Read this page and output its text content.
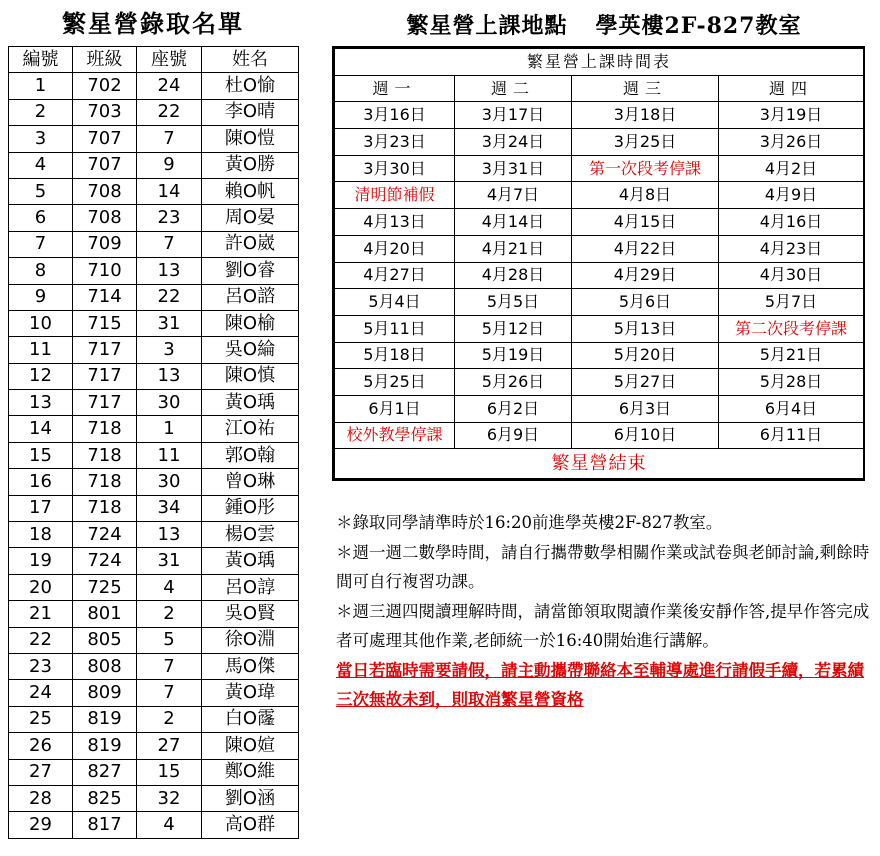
繁星營錄取名單
編號	班級	座號	姓名
1	702	24	杜O愉
2	703	22	李O晴
3	707	7	陳O愷
4	707	9	黃O勝
5	708	14	賴O帆
6	708	23	周O晏
7	709	7	許O崴
8	710	13	劉O睿
9	714	22	呂O諮
10	715	31	陳O榆
11	717	3	吳O綸
12	717	13	陳O慎
13	717	30	黃O瑀
14	718	1	江O祐
15	718	11	郭O翰
16	718	30	曾O琳
17	718	34	鍾O彤
18	724	13	楊O雲
19	724	31	黃O瑀
20	725	4	呂O諄
21	801	2	吳O賢
22	805	5	徐O淵
23	808	7	馬O傑
24	809	7	黃O瑋
25	819	2	白O霳
26	819	27	陳O媗
27	827	15	鄭O維
28	825	32	劉O涵
29	817	4	高O群
繁星營上課地點 學英樓2F-827教室
繁星營上課時間表			
週一	週二	週三	週四
3月16日	3月17日	3月18日	3月19日
3月23日	3月24日	3月25日	3月26日
3月30日	3月31日	第一次段考停課	4月2日
清明節補假	4月7日	4月8日	4月9日
4月13日	4月14日	4月15日	4月16日
4月20日	4月21日	4月22日	4月23日
4月27日	4月28日	4月29日	4月30日
5月4日	5月5日	5月6日	5月7日
5月11日	5月12日	5月13日	第二次段考停課
5月18日	5月19日	5月20日	5月21日
5月25日	5月26日	5月27日	5月28日
6月1日	6月2日	6月3日	6月4日
校外教學停課	6月9日	6月10日	6月11日
繁星營結束			

＊錄取同學請準時於16:20前進學英樓2F-827教室。

＊週一週二數學時間，請自行攜帶數學相關作業或試卷與老師討論,剩餘時間可自行複習功課。

＊週三週四閱讀理解時間，請當節領取閱讀作業後安靜作答,提早作答完成者可處理其他作業,老師統一於16:40開始進行講解。

當日若臨時需要請假，請主動攜帶聯絡本至輔導處進行請假手續，若累績三次無故未到，則取消繁星營資格
